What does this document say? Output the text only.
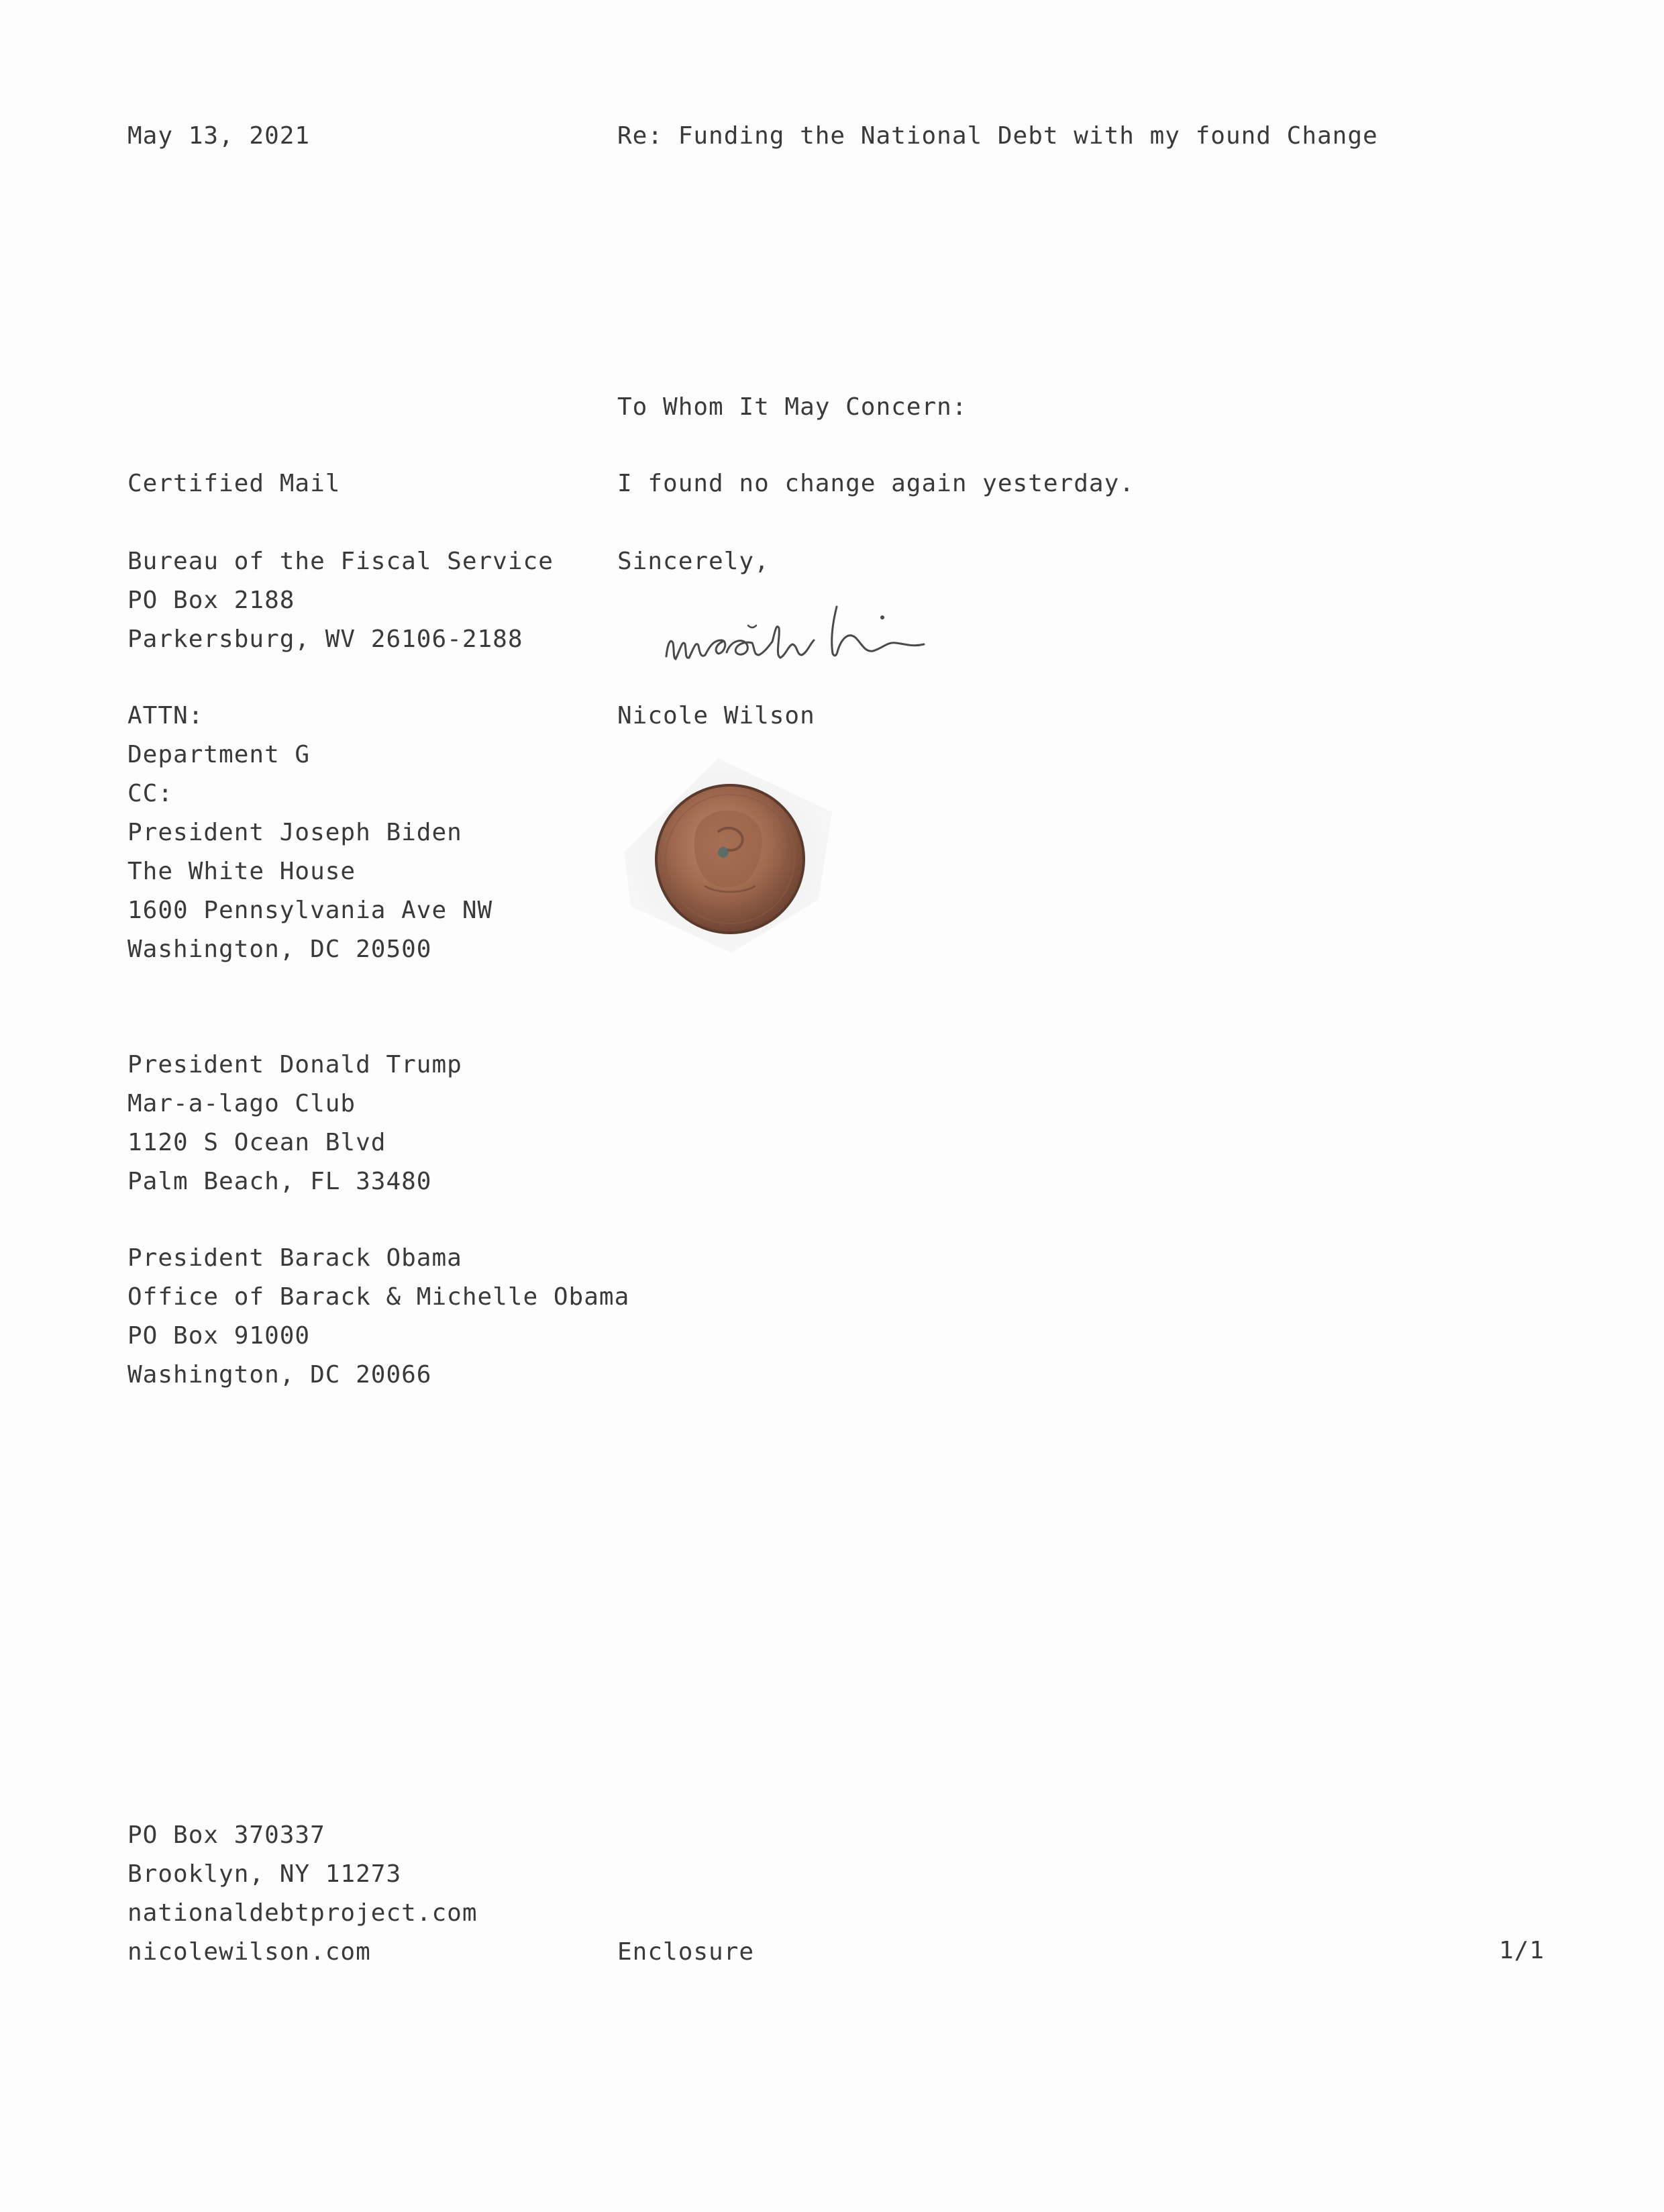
May 13, 2021	Re: Funding the National Debt with my found Change
To Whom It May Concern:
Certified Mail	I found no change again yesterday.
Sincerely,
Bureau of the Fiscal Service
PO Box 2188
Parkersburg, WV 26106-2188
Nicole Wilson
ATTN:
Department G
CC:
President Joseph Biden
The White House
1600 Pennsylvania Ave NW
Washington, DC 20500
President Donald Trump
Mar-a-lago Club
1120 S Ocean Blvd
Palm Beach, FL 33480
President Barack Obama
Office of Barack & Michelle Obama
PO Box 91000
Washington, DC 20066
PO Box 370337
Brooklyn, NY 11273
nationaldebtproject.com
nicolewilson.com	Enclosure	1/1
